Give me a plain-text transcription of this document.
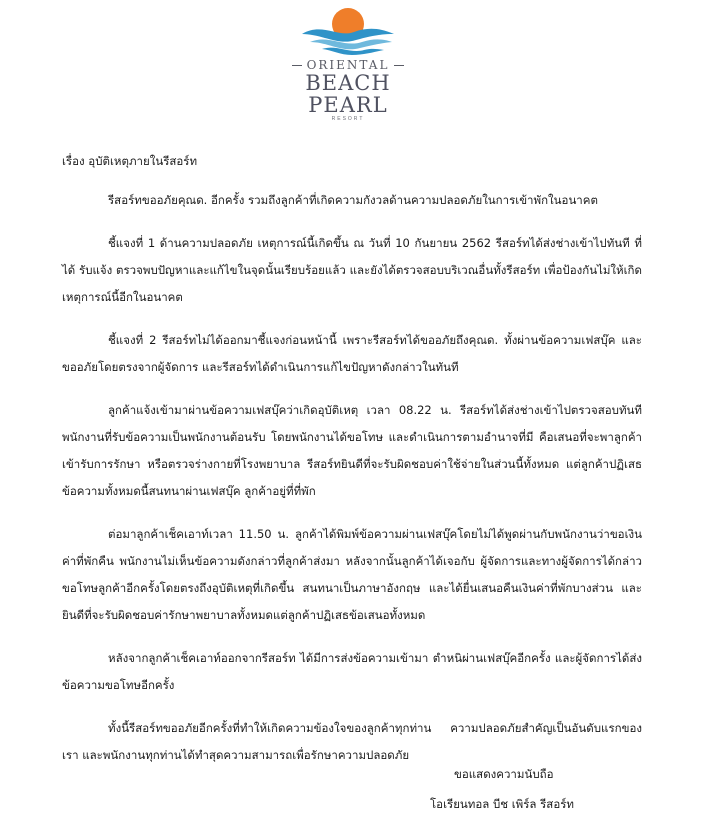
ORIENTAL
BEACH PEARL
RESORT

เรื่อง อุบัติเหตุภายในรีสอร์ท

รีสอร์ทขออภัยคุณด. อีกครั้ง รวมถึงลูกค้าที่เกิดความกังวลด้านความปลอดภัยในการเข้าพักในอนาคต

ชี้แจงที่ 1 ด้านความปลอดภัย เหตุการณ์นี้เกิดขึ้น ณ วันที่ 10 กันยายน 2562 รีสอร์ทได้ส่งช่างเข้าไปทันที ที่ได้ รับแจ้ง ตรวจพบปัญหาและแก้ไขในจุดนั้นเรียบร้อยแล้ว และยังได้ตรวจสอบบริเวณอื่นทั้งรีสอร์ท เพื่อป้องกันไม่ให้เกิดเหตุการณ์นี้อีกในอนาคต

ชี้แจงที่ 2 รีสอร์ทไม่ได้ออกมาชี้แจงก่อนหน้านี้ เพราะรีสอร์ทได้ขออภัยถึงคุณด. ทั้งผ่านข้อความเฟสบุ๊ค และขออภัยโดยตรงจากผู้จัดการ และรีสอร์ทได้ดำเนินการแก้ไขปัญหาดังกล่าวในทันที

ลูกค้าแจ้งเข้ามาผ่านข้อความเฟสบุ๊คว่าเกิดอุบัติเหตุ เวลา 08.22 น. รีสอร์ทได้ส่งช่างเข้าไปตรวจสอบทันที พนักงานที่รับข้อความเป็นพนักงานต้อนรับ โดยพนักงานได้ขอโทษ และดำเนินการตามอำนาจที่มี คือเสนอที่จะพาลูกค้า เข้ารับการรักษา หรือตรวจร่างกายที่โรงพยาบาล รีสอร์ทยินดีที่จะรับผิดชอบค่าใช้จ่ายในส่วนนี้ทั้งหมด แต่ลูกค้าปฏิเสธ ข้อความทั้งหมดนี้สนทนาผ่านเฟสบุ๊ค ลูกค้าอยู่ที่ที่พัก

ต่อมาลูกค้าเช็คเอาท์เวลา 11.50 น. ลูกค้าได้พิมพ์ข้อความผ่านเฟสบุ๊คโดยไม่ได้พูดผ่านกับพนักงานว่าขอเงินค่าที่พักคืน พนักงานไม่เห็นข้อความดังกล่าวที่ลูกค้าส่งมา หลังจากนั้นลูกค้าได้เจอกับ ผู้จัดการและทางผู้จัดการได้กล่าวขอโทษลูกค้าอีกครั้งโดยตรงถึงอุบัติเหตุที่เกิดขึ้น สนทนาเป็นภาษาอังกฤษ และได้ยื่นเสนอคืนเงินค่าที่พักบางส่วน และยินดีที่จะรับผิดชอบค่ารักษาพยาบาลทั้งหมดแต่ลูกค้าปฏิเสธข้อเสนอทั้งหมด

หลังจากลูกค้าเช็คเอาท์ออกจากรีสอร์ท ได้มีการส่งข้อความเข้ามา ตำหนิผ่านเฟสบุ๊คอีกครั้ง และผู้จัดการได้ส่งข้อความขอโทษอีกครั้ง

ทั้งนี้รีสอร์ทขออภัยอีกครั้งที่ทำให้เกิดความข้องใจของลูกค้าทุกท่าน ความปลอดภัยสำคัญเป็นอันดับแรกของเรา และพนักงานทุกท่านได้ทำสุดความสามารถเพื่อรักษาความปลอดภัย

ขอแสดงความนับถือ
โอเรียนทอล บีช เพิร์ล รีสอร์ท
